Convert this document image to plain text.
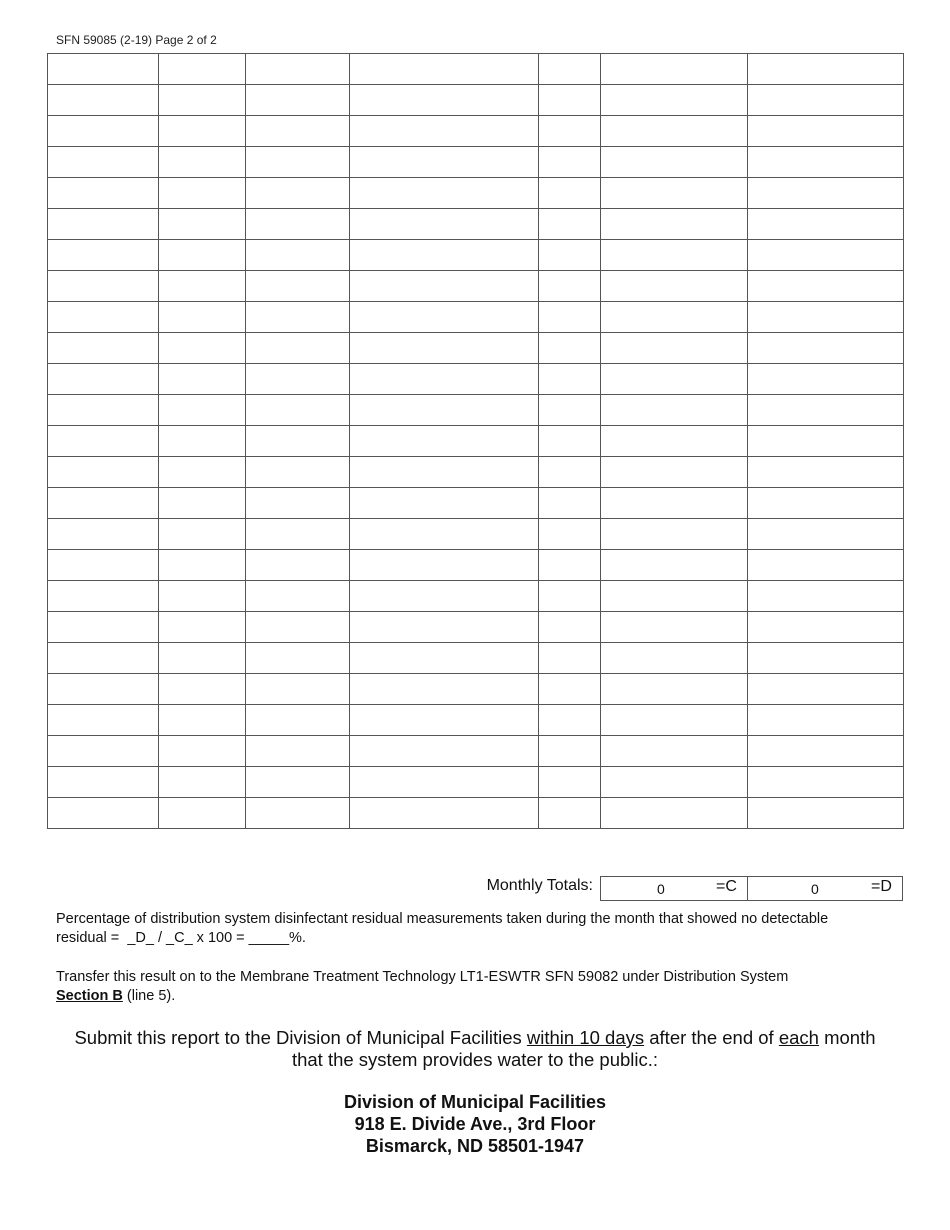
SFN 59085 (2-19) Page 2 of 2

Monthly Totals:	0	=C	0	=D
Percentage of distribution system disinfectant residual measurements taken during the month that showed no detectable
residual =  _D_ / _C_ x 100 = _____%.
Transfer this result on to the Membrane Treatment Technology LT1-ESWTR SFN 59082 under Distribution System
Section B (line 5).
Submit this report to the Division of Municipal Facilities within 10 days after the end of each month
that the system provides water to the public.:
Division of Municipal Facilities
918 E. Divide Ave., 3rd Floor
Bismarck, ND 58501-1947
